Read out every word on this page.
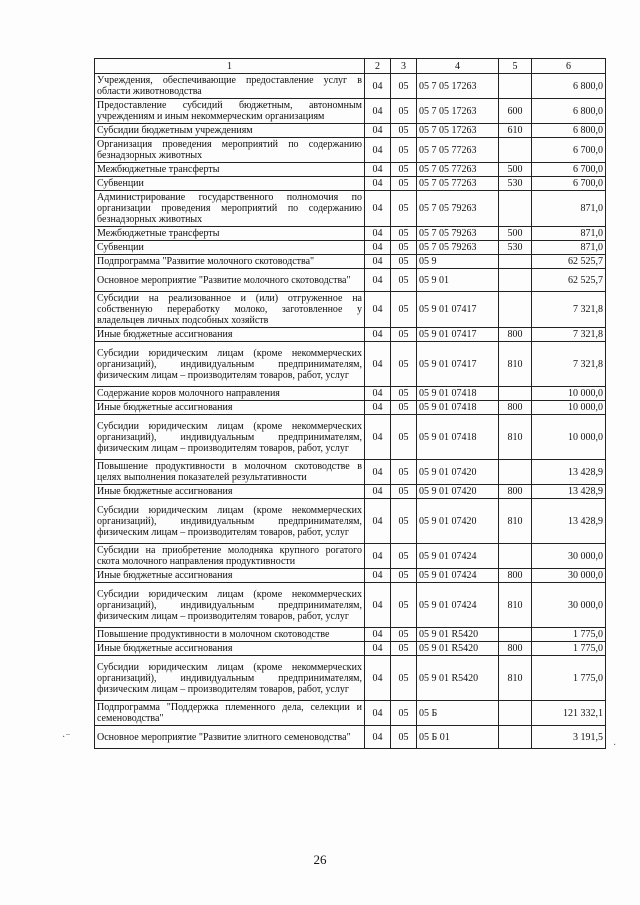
1	2	3	4	5	6
Учреждения, обеспечивающие предоставление услуг в области животноводства	04	05	05 7 05 17263		6 800,0
Предоставление субсидий бюджетным, автономным учреждениям и иным некоммерческим организациям	04	05	05 7 05 17263	600	6 800,0
Субсидии бюджетным учреждениям	04	05	05 7 05 17263	610	6 800,0
Организация проведения мероприятий по содержанию безнадзорных животных	04	05	05 7 05 77263		6 700,0
Межбюджетные трансферты	04	05	05 7 05 77263	500	6 700,0
Субвенции	04	05	05 7 05 77263	530	6 700,0
Администрирование государственного полномочия по организации проведения мероприятий по содержанию безнадзорных животных	04	05	05 7 05 79263		871,0
Межбюджетные трансферты	04	05	05 7 05 79263	500	871,0
Субвенции	04	05	05 7 05 79263	530	871,0
Подпрограмма "Развитие молочного скотоводства"	04	05	05 9		62 525,7
Основное мероприятие "Развитие молочного скотоводства"	04	05	05 9 01		62 525,7
Субсидии на реализованное и (или) отгруженное на собственную переработку молоко, заготовленное у владельцев личных подсобных хозяйств	04	05	05 9 01 07417		7 321,8
Иные бюджетные ассигнования	04	05	05 9 01 07417	800	7 321,8
Субсидии юридическим лицам (кроме некоммерческих организаций), индивидуальным предпринимателям, физическим лицам – производителям товаров, работ, услуг	04	05	05 9 01 07417	810	7 321,8
Содержание коров молочного направления	04	05	05 9 01 07418		10 000,0
Иные бюджетные ассигнования	04	05	05 9 01 07418	800	10 000,0
Субсидии юридическим лицам (кроме некоммерческих организаций), индивидуальным предпринимателям, физическим лицам – производителям товаров, работ, услуг	04	05	05 9 01 07418	810	10 000,0
Повышение продуктивности в молочном скотоводстве в целях выполнения показателей результативности	04	05	05 9 01 07420		13 428,9
Иные бюджетные ассигнования	04	05	05 9 01 07420	800	13 428,9
Субсидии юридическим лицам (кроме некоммерческих организаций), индивидуальным предпринимателям, физическим лицам – производителям товаров, работ, услуг	04	05	05 9 01 07420	810	13 428,9
Субсидии на приобретение молодняка крупного рогатого скота молочного направления продуктивности	04	05	05 9 01 07424		30 000,0
Иные бюджетные ассигнования	04	05	05 9 01 07424	800	30 000,0
Субсидии юридическим лицам (кроме некоммерческих организаций), индивидуальным предпринимателям, физическим лицам – производителям товаров, работ, услуг	04	05	05 9 01 07424	810	30 000,0
Повышение продуктивности в молочном скотоводстве	04	05	05 9 01 R5420		1 775,0
Иные бюджетные ассигнования	04	05	05 9 01 R5420	800	1 775,0
Субсидии юридическим лицам (кроме некоммерческих организаций), индивидуальным предпринимателям, физическим лицам – производителям товаров, работ, услуг	04	05	05 9 01 R5420	810	1 775,0
Подпрограмма "Поддержка племенного дела, селекции и семеноводства"	04	05	05 Б		121 332,1
Основное мероприятие "Развитие элитного семеноводства"	04	05	05 Б 01		3 191,5
26
·⁻
·
